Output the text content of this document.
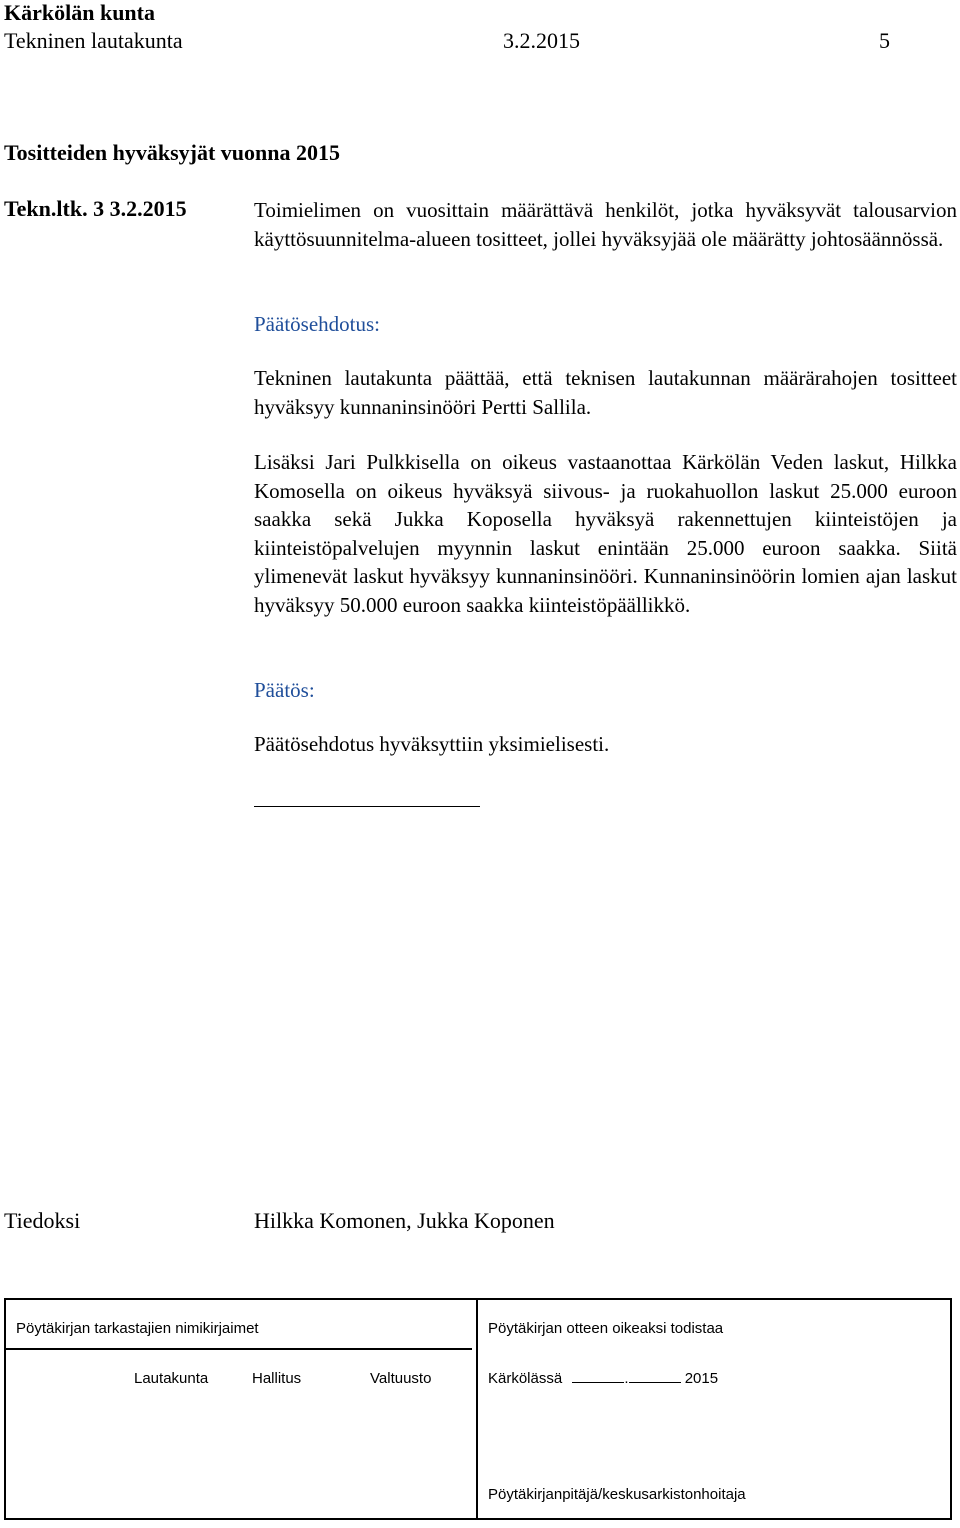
Kärkölän kunta
Tekninen lautakunta	3.2.2015	5
Tositteiden hyväksyjät vuonna 2015
Tekn.ltk. 3 3.2.2015	Toimielimen on vuosittain määrättävä henkilöt, jotka hyväksyvät talousarvion käyttösuunnitelma-alueen tositteet, jollei hyväksyjää ole määrätty johtosäännössä.

Päätösehdotus:

Tekninen lautakunta päättää, että teknisen lautakunnan määrärahojen tositteet hyväksyy kunnaninsinööri Pertti Sallila.

Lisäksi Jari Pulkkisella on oikeus vastaanottaa Kärkölän Veden laskut, Hilkka Komosella on oikeus hyväksyä siivous- ja ruokahuollon laskut 25.000 euroon saakka sekä Jukka Koposella hyväksyä rakennettujen kiinteistöjen ja kiinteistöpalvelujen myynnin laskut enintään 25.000 euroon saakka. Siitä ylimenevät laskut hyväksyy kunnaninsinööri. Kunnaninsinöörin lomien ajan laskut hyväksyy 50.000 euroon saakka kiinteistöpäällikkö.

Päätös:

Päätösehdotus hyväksyttiin yksimielisesti.

Tiedoksi	Hilkka Komonen, Jukka Koponen
Pöytäkirjan tarkastajien nimikirjaimet	Pöytäkirjan otteen oikeaksi todistaa
Lautakunta	Hallitus	Valtuusto	Kärkölässä	.	2015
Pöytäkirjanpitäjä/keskusarkistonhoitaja
